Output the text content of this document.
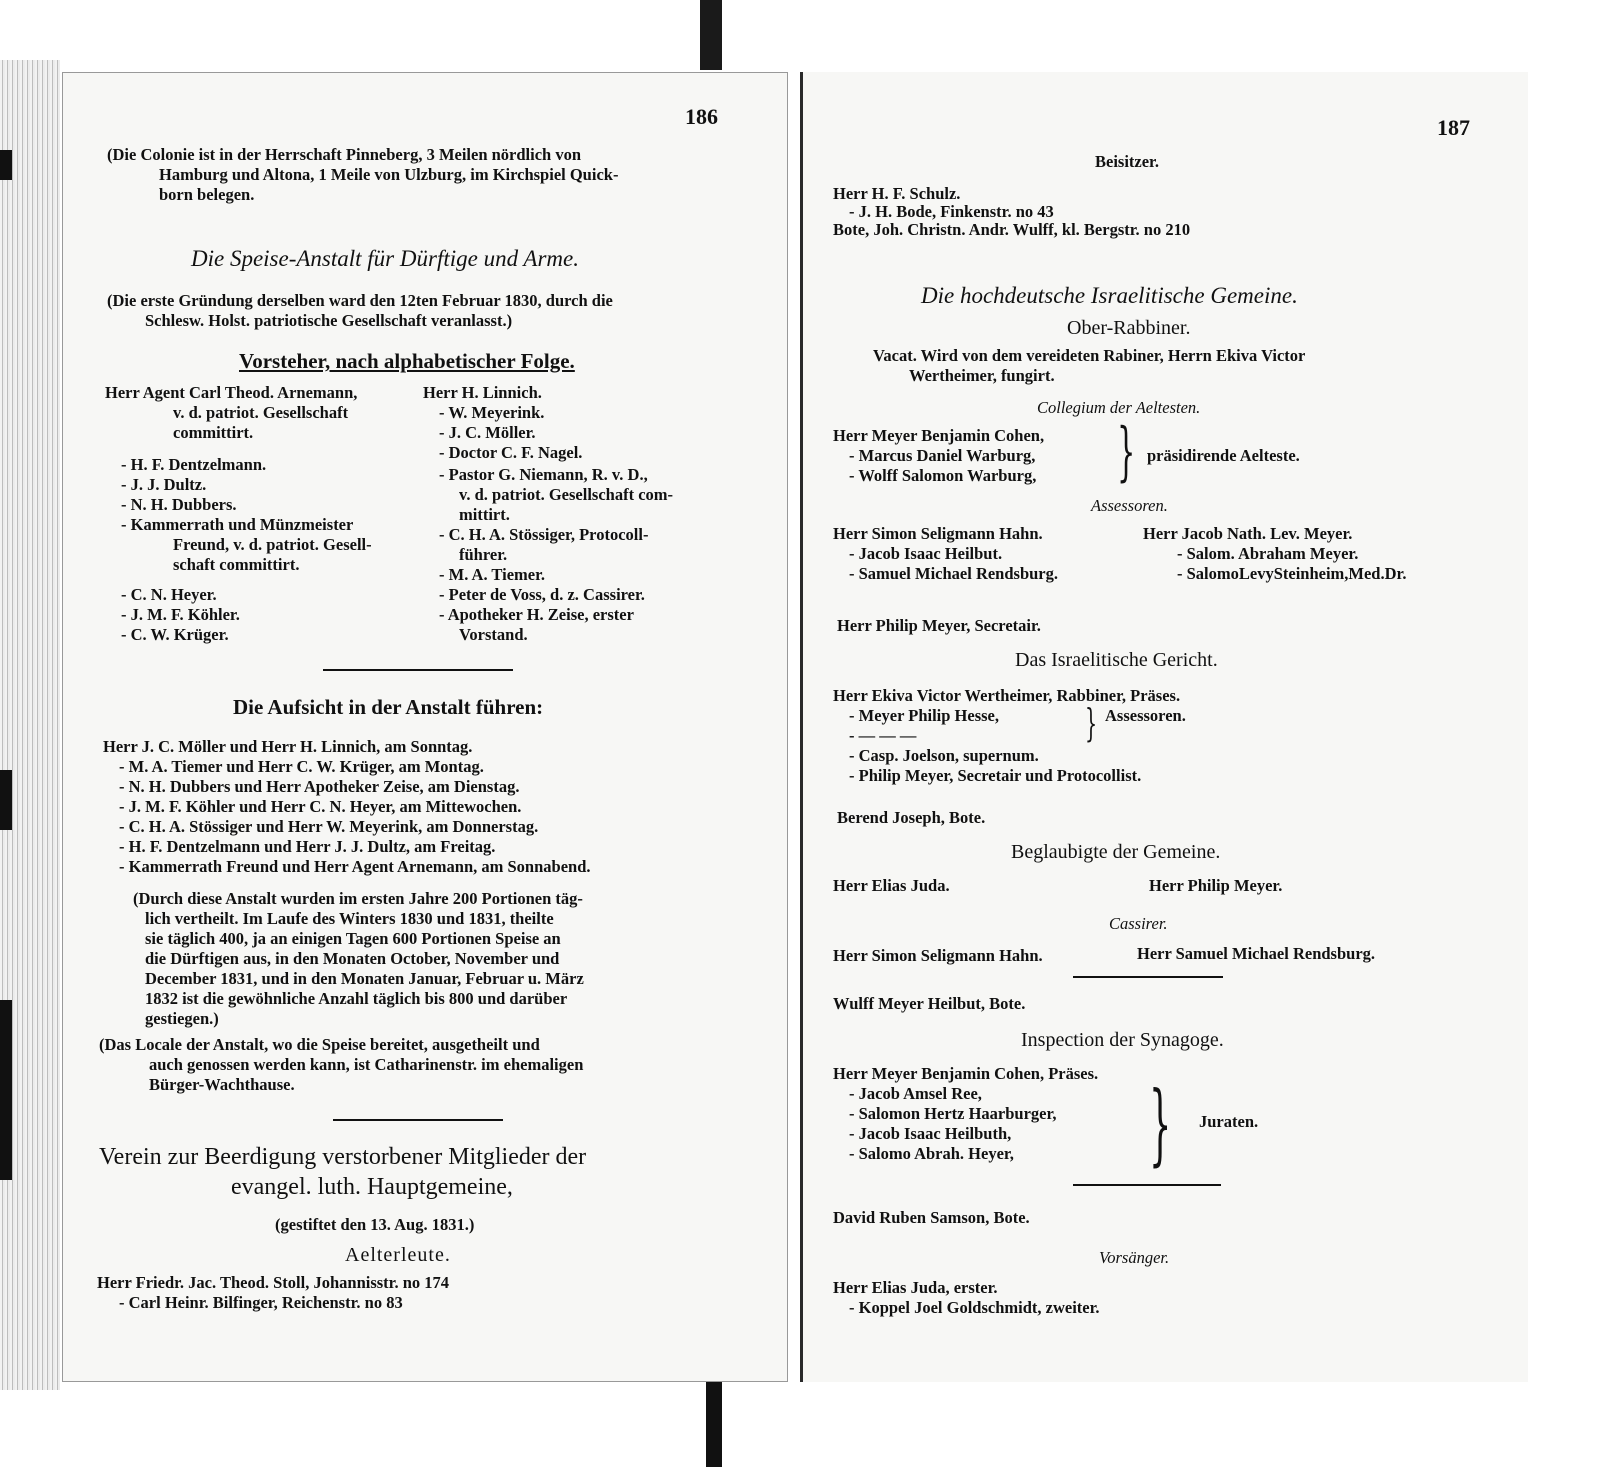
186
(Die Colonie ist in der Herrschaft Pinneberg, 3 Meilen nördlich von
Hamburg und Altona, 1 Meile von Ulzburg, im Kirchspiel Quick-
born belegen.
Die Speise-Anstalt für Dürftige und Arme.
(Die erste Gründung derselben ward den 12ten Februar 1830, durch die
Schlesw. Holst. patriotische Gesellschaft veranlasst.)
Vorsteher, nach alphabetischer Folge.
Herr Agent Carl Theod. Arnemann,
v. d. patriot. Gesellschaft
committirt.
- H. F. Dentzelmann.
- J. J. Dultz.
- N. H. Dubbers.
- Kammerrath und Münzmeister
Freund, v. d. patriot. Gesell-
schaft committirt.
- C. N. Heyer.
- J. M. F. Köhler.
- C. W. Krüger.
Herr H. Linnich.
- W. Meyerink.
- J. C. Möller.
- Doctor C. F. Nagel.
- Pastor G. Niemann, R. v. D.,
v. d. patriot. Gesellschaft com-
mittirt.
- C. H. A. Stössiger, Protocoll-
führer.
- M. A. Tiemer.
- Peter de Voss, d. z. Cassirer.
- Apotheker H. Zeise, erster
Vorstand.
Die Aufsicht in der Anstalt führen:
Herr J. C. Möller und Herr H. Linnich, am Sonntag.
- M. A. Tiemer und Herr C. W. Krüger, am Montag.
- N. H. Dubbers und Herr Apotheker Zeise, am Dienstag.
- J. M. F. Köhler und Herr C. N. Heyer, am Mittewochen.
- C. H. A. Stössiger und Herr W. Meyerink, am Donnerstag.
- H. F. Dentzelmann und Herr J. J. Dultz, am Freitag.
- Kammerrath Freund und Herr Agent Arnemann, am Sonnabend.
(Durch diese Anstalt wurden im ersten Jahre 200 Portionen täg-
lich vertheilt. Im Laufe des Winters 1830 und 1831, theilte
sie täglich 400, ja an einigen Tagen 600 Portionen Speise an
die Dürftigen aus, in den Monaten October, November und
December 1831, und in den Monaten Januar, Februar u. März
1832 ist die gewöhnliche Anzahl täglich bis 800 und darüber
gestiegen.)
(Das Locale der Anstalt, wo die Speise bereitet, ausgetheilt und
auch genossen werden kann, ist Catharinenstr. im ehemaligen
Bürger-Wachthause.
Verein zur Beerdigung verstorbener Mitglieder der
evangel. luth. Hauptgemeine,
(gestiftet den 13. Aug. 1831.)
Aelterleute.
Herr Friedr. Jac. Theod. Stoll, Johannisstr. no 174
- Carl Heinr. Bilfinger, Reichenstr. no 83
187
Beisitzer.
Herr H. F. Schulz.
- J. H. Bode, Finkenstr. no 43
Bote, Joh. Christn. Andr. Wulff, kl. Bergstr. no 210
Die hochdeutsche Israelitische Gemeine.
Ober-Rabbiner.
Vacat. Wird von dem vereideten Rabiner, Herrn Ekiva Victor
Wertheimer, fungirt.
Collegium der Aeltesten.
Herr Meyer Benjamin Cohen,
- Marcus Daniel Warburg,
- Wolff Salomon Warburg, } präsidirende Aelteste.
Assessoren.
Herr Simon Seligmann Hahn.
- Jacob Isaac Heilbut.
- Samuel Michael Rendsburg.
Herr Jacob Nath. Lev. Meyer.
- Salom. Abraham Meyer.
- SalomoLevySteinheim,Med.Dr.
Herr Philip Meyer, Secretair.
Das Israelitische Gericht.
Herr Ekiva Victor Wertheimer, Rabbiner, Präses.
- Meyer Philip Hesse,
- — — —
- Casp. Joelson, supernum.
- Philip Meyer, Secretair und Protocollist.
} Assessoren.
Berend Joseph, Bote.
Beglaubigte der Gemeine.
Herr Elias Juda.	Herr Philip Meyer.
Cassirer.
Herr Simon Seligmann Hahn.	Herr Samuel Michael Rendsburg.
Wulff Meyer Heilbut, Bote.
Inspection der Synagoge.
Herr Meyer Benjamin Cohen, Präses.
- Jacob Amsel Ree,
- Salomon Hertz Haarburger,
- Jacob Isaac Heilbuth,
- Salomo Abrah. Heyer, } Juraten.
David Ruben Samson, Bote.
Vorsänger.
Herr Elias Juda, erster.
- Koppel Joel Goldschmidt, zweiter.
